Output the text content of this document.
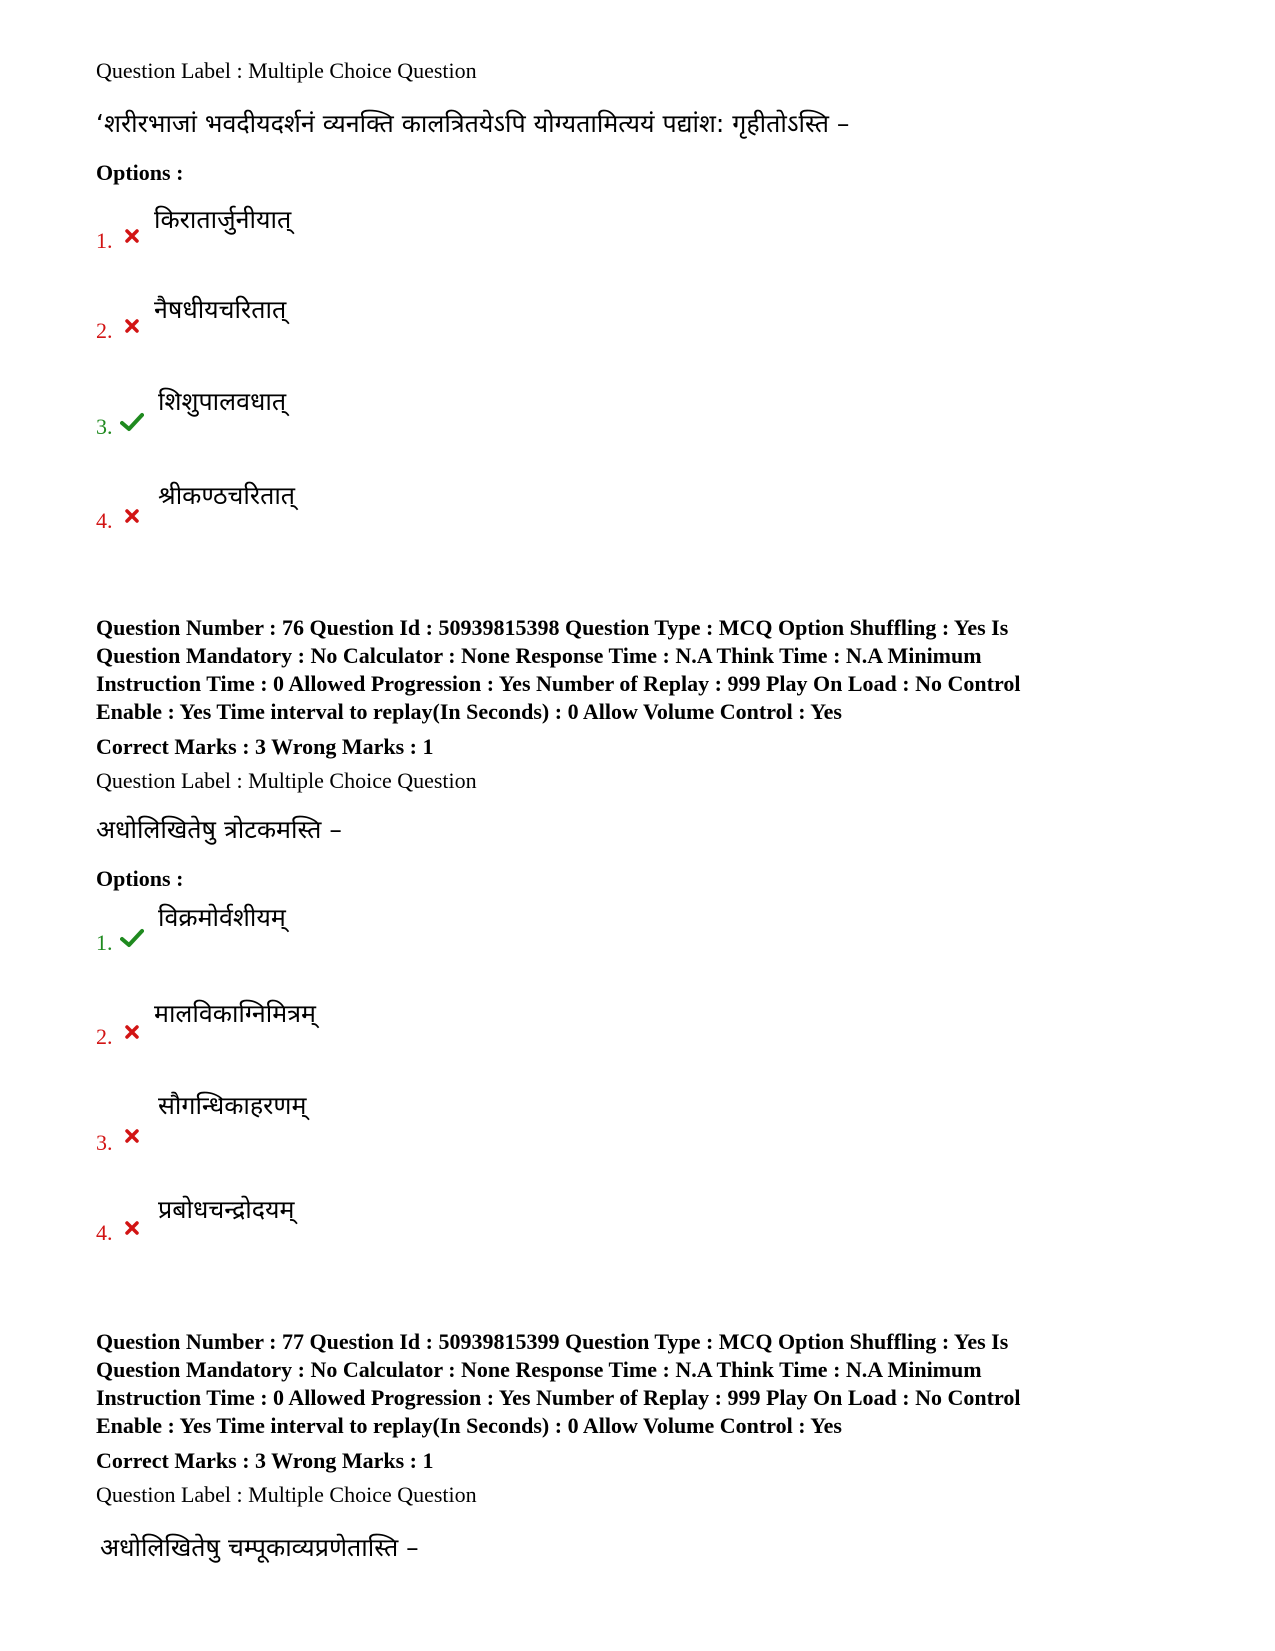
Question Label : Multiple Choice Question
‘शरीरभाजां भवदीयदर्शनं व्यनक्ति कालत्रितयेऽपि योग्यतामित्ययं पद्यांश: गृहीतोऽस्ति –
Options :
1.
किरातार्जुनीयात्
2.
नैषधीयचरितात्
3.
शिशुपालवधात्
4.
श्रीकण्ठचरितात्
Question Number : 76 Question Id : 50939815398 Question Type : MCQ Option Shuffling : Yes Is
Question Mandatory : No Calculator : None Response Time : N.A Think Time : N.A Minimum
Instruction Time : 0 Allowed Progression : Yes Number of Replay : 999 Play On Load : No Control
Enable : Yes Time interval to replay(In Seconds) : 0 Allow Volume Control : Yes
Correct Marks : 3 Wrong Marks : 1
Question Label : Multiple Choice Question
अधोलिखितेषु त्रोटकमस्ति –
Options :
1.
विक्रमोर्वशीयम्
2.
मालविकाग्निमित्रम्
3.
सौगन्धिकाहरणम्
4.
प्रबोधचन्द्रोदयम्
Question Number : 77 Question Id : 50939815399 Question Type : MCQ Option Shuffling : Yes Is
Question Mandatory : No Calculator : None Response Time : N.A Think Time : N.A Minimum
Instruction Time : 0 Allowed Progression : Yes Number of Replay : 999 Play On Load : No Control
Enable : Yes Time interval to replay(In Seconds) : 0 Allow Volume Control : Yes
Correct Marks : 3 Wrong Marks : 1
Question Label : Multiple Choice Question
अधोलिखितेषु चम्पूकाव्यप्रणेतास्ति –
